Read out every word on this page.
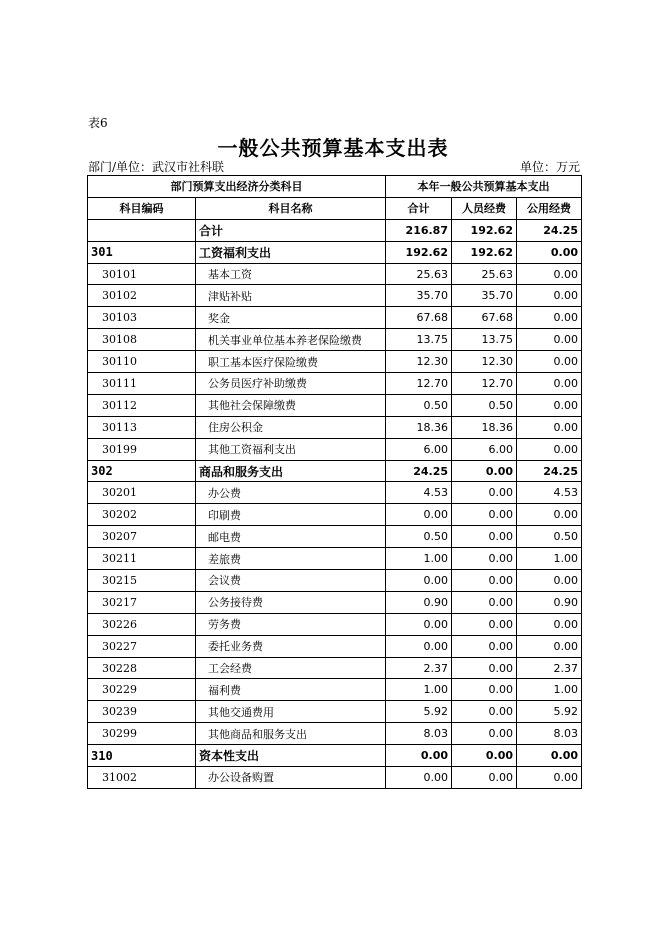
表6
一般公共预算基本支出表
部门/单位：武汉市社科联	单位：万元
部门预算支出经济分类科目		本年一般公共预算基本支出		
科目编码	科目名称	合计	人员经费	公用经费
	合计	216.87	192.62	24.25
301	工资福利支出	192.62	192.62	0.00
30101	基本工资	25.63	25.63	0.00
30102	津贴补贴	35.70	35.70	0.00
30103	奖金	67.68	67.68	0.00
30108	机关事业单位基本养老保险缴费	13.75	13.75	0.00
30110	职工基本医疗保险缴费	12.30	12.30	0.00
30111	公务员医疗补助缴费	12.70	12.70	0.00
30112	其他社会保障缴费	0.50	0.50	0.00
30113	住房公积金	18.36	18.36	0.00
30199	其他工资福利支出	6.00	6.00	0.00
302	商品和服务支出	24.25	0.00	24.25
30201	办公费	4.53	0.00	4.53
30202	印刷费	0.00	0.00	0.00
30207	邮电费	0.50	0.00	0.50
30211	差旅费	1.00	0.00	1.00
30215	会议费	0.00	0.00	0.00
30217	公务接待费	0.90	0.00	0.90
30226	劳务费	0.00	0.00	0.00
30227	委托业务费	0.00	0.00	0.00
30228	工会经费	2.37	0.00	2.37
30229	福利费	1.00	0.00	1.00
30239	其他交通费用	5.92	0.00	5.92
30299	其他商品和服务支出	8.03	0.00	8.03
310	资本性支出	0.00	0.00	0.00
31002	办公设备购置	0.00	0.00	0.00
